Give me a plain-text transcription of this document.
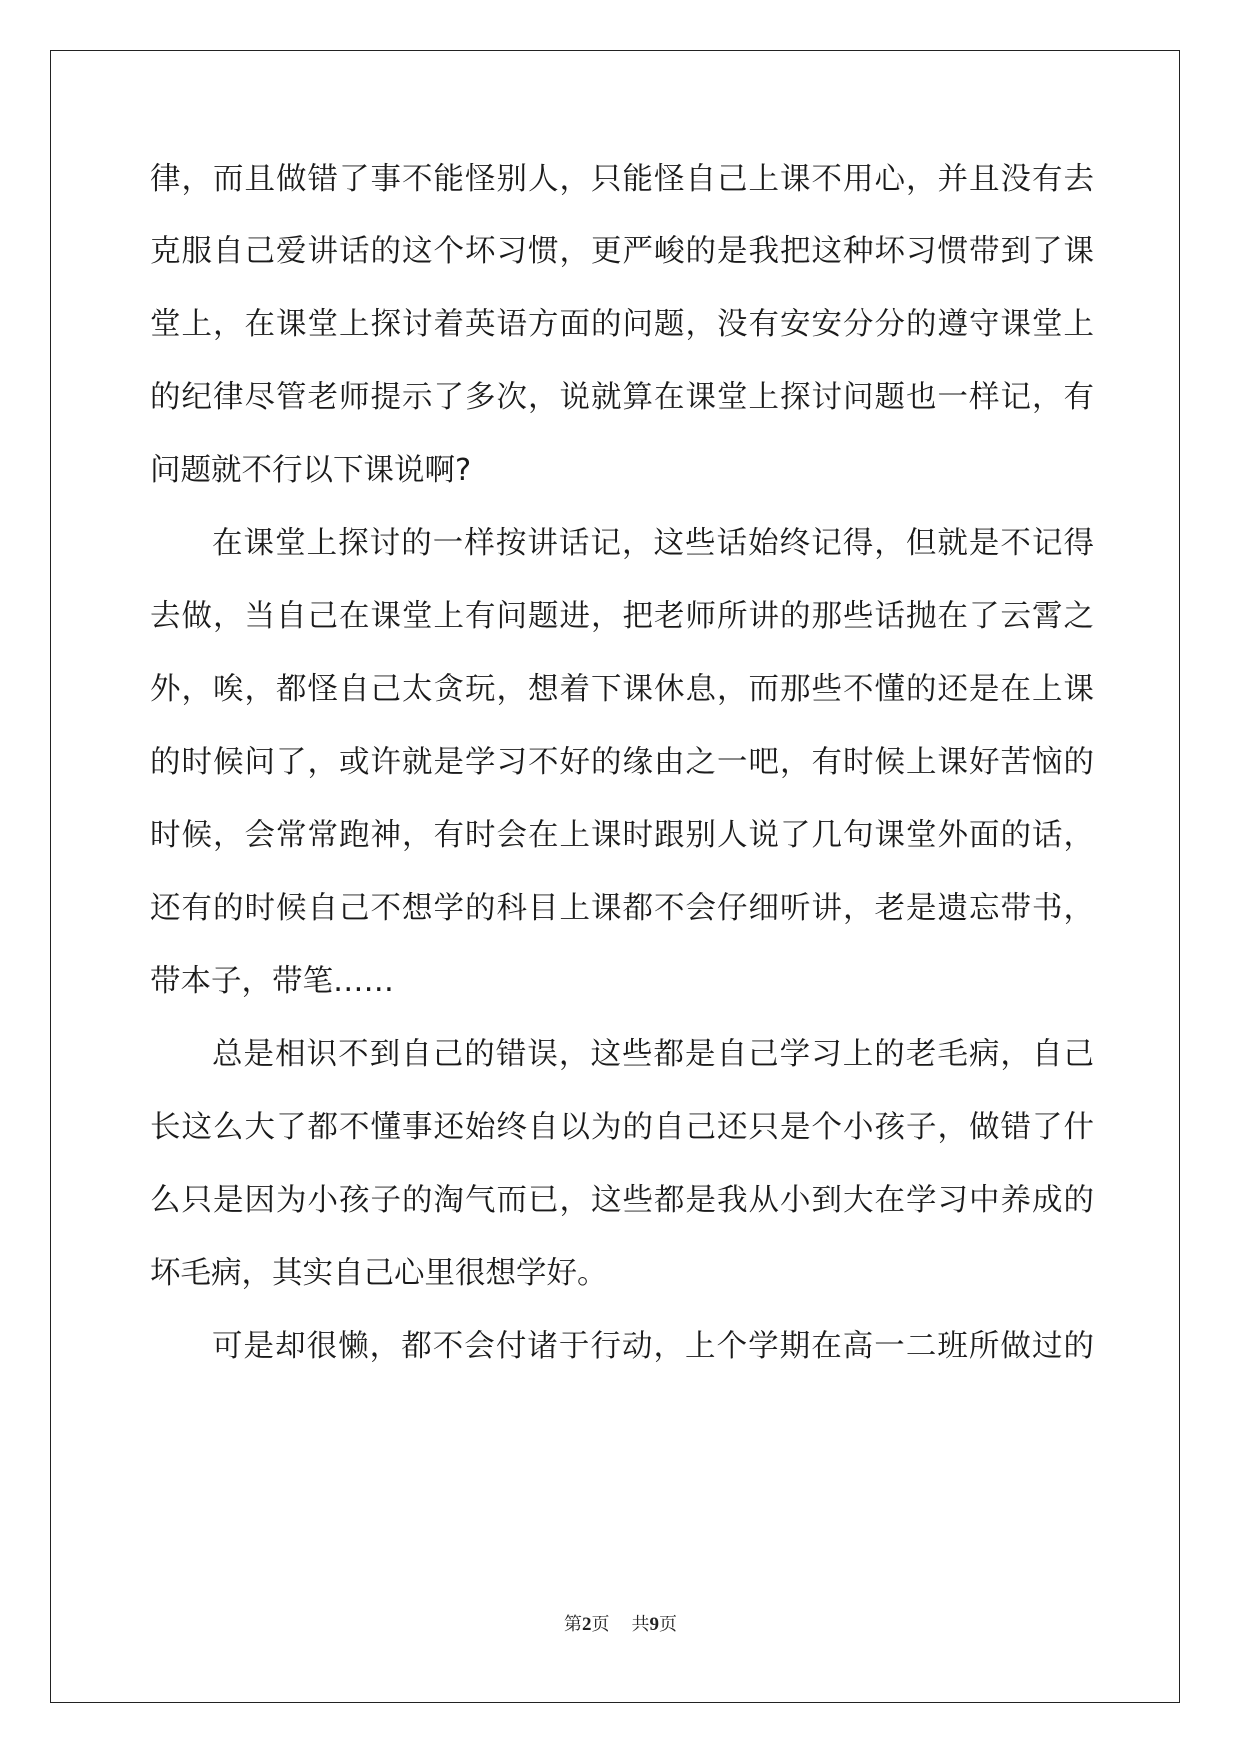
律，而且做错了事不能怪别人，只能怪自己上课不用心，并且没有去
克服自己爱讲话的这个坏习惯，更严峻的是我把这种坏习惯带到了课
堂上，在课堂上探讨着英语方面的问题，没有安安分分的遵守课堂上
的纪律尽管老师提示了多次，说就算在课堂上探讨问题也一样记，有
问题就不行以下课说啊?
在课堂上探讨的一样按讲话记，这些话始终记得，但就是不记得
去做，当自己在课堂上有问题进，把老师所讲的那些话抛在了云霄之
外，唉，都怪自己太贪玩，想着下课休息，而那些不懂的还是在上课
的时候问了，或许就是学习不好的缘由之一吧，有时候上课好苦恼的
时候，会常常跑神，有时会在上课时跟别人说了几句课堂外面的话，
还有的时候自己不想学的科目上课都不会仔细听讲，老是遗忘带书，
带本子，带笔……
总是相识不到自己的错误，这些都是自己学习上的老毛病，自己
长这么大了都不懂事还始终自以为的自己还只是个小孩子，做错了什
么只是因为小孩子的淘气而已，这些都是我从小到大在学习中养成的
坏毛病，其实自己心里很想学好。
可是却很懒，都不会付诸于行动，上个学期在高一二班所做过的
第2页 共9页
